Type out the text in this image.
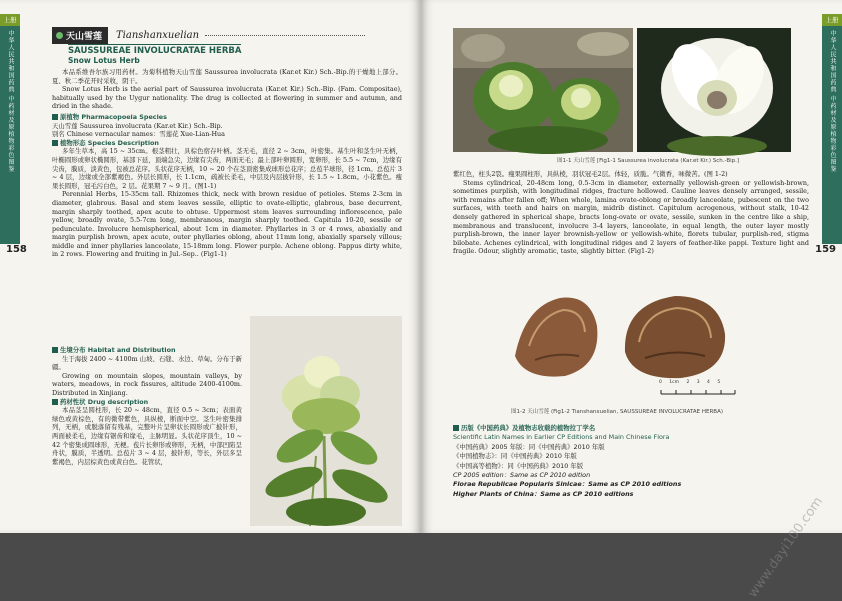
上册
中华人民共和国药典 中药材及原植物彩色图鉴
158
天山雪莲 Tianshanxuelian
SAUSSUREAE INVOLUCRATAE HERBA
Snow Lotus Herb

本品系维吾尔族习用药材。为菊科植物天山雪莲 Saussurea involucrata (Kar.et Kir.) Sch.-Bip.的干燥地上部分。夏、秋二季花开时采收，阴干。

Snow Lotus Herb is the aerial part of Saussurea involucrata (Kar.et Kir.) Sch.-Bip. (Fam. Compositae), habitually used by the Uygur nationality. The drug is collected at flowering in summer and autumn, and dried in the shade.

原植物 Pharmacopoeia Species

天山雪莲 Saussurea involucrata (Kar.et Kir.) Sch.-Bip.

别名 Chinese vernacular names：雪莲花 Xue-Lian-Hua

植物形态 Species Description

多年生草本，高 15 ~ 35cm。根茎粗壮，具棕色宿存叶柄。茎无毛，直径 2 ~ 3cm，叶密集。基生叶和茎生叶无柄，叶椭圆形或卵状椭圆形，基部下延，顶端急尖，边缘有尖齿，两面无毛；最上部叶卵圆形，宽卵形，长 5.5 ~ 7cm，边缘有尖齿，膜质，淡黄色，包被总花序。头状花序无柄，10 ~ 20 个在茎顶密集成球形总花序；总苞半球形，径 1cm。总苞片 3 ~ 4 层，边缘或全部紫褐色。外层长圆形，长 1.1cm，疏被长柔毛，中层及内层披针形，长 1.5 ~ 1.8cm。小花紫色。瘦果长圆形，冠毛污白色，2 层。花果期 7 ~ 9 月。(图1-1)

Perennial Herbs, 15-35cm tall. Rhizomes thick, neck with brown residue of petioles. Stems 2-3cm in diameter, glabrous. Basal and stem leaves sessile, elliptic to ovate-elliptic, glabrous, base decurrent, margin sharply toothed, apex acute to obtuse. Uppermost stem leaves surrounding inflorescence, pale yellow, broadly ovate, 5.5-7cm long, membranous, margin sharply toothed. Capitula 10-20, sessile or pedunculate. Involucre hemispherical, about 1cm in diameter. Phyllaries in 3 or 4 rows, abaxially and margin purplish brown, apex acute, outer phyllaries oblong, about 11mm long, abaxially sparsely villous; middle and inner phyllaries lanceolate, 15-18mm long. Flower purple. Achene oblong. Pappus dirty white, in 2 rows. Flowering and fruiting in Jul.-Sep.. (Fig1-1)

生境分布 Habitat and Distribution

生于海拔 2400 ~ 4100m 山坡、石缝、水边、草甸。分布于新疆。

Growing on mountain slopes, mountain valleys, by waters, meadows, in rock fissures, altitude 2400-4100m. Distributed in Xinjiang.

药材性状 Drug description

本品茎呈圆柱形，长 20 ~ 48cm，直径 0.5 ~ 3cm；表面黄绿色或黄棕色，有的微带紫色，具纵棱，断面中空。茎生叶密集排列，无柄，或脱落留有残基，完整叶片呈卵状长圆形或广披针形，两面被柔毛，边缘有锯齿和缘毛，主脉明显。头状花序顶生，10 ~ 42 个密集成圆球形，无梗。苞片长卵形或卵形，无柄，中部凹陷呈舟状，膜质，半透明。总苞片 3 ~ 4 层，披针形，等长，外层多呈紫褐色，内层棕黄色或黄白色。花管状，

上册
中华人民共和国药典 中药材及原植物彩色图鉴
159
图1-1 天山雪莲 [Fig1-1 Saussurea involucrata (Kar.et Kir.) Sch.-Bip.]

紫红色，柱头2裂。瘦果圆柱形，具纵棱，羽状冠毛2层。体轻，质脆。气微香，味微苦。(图 1-2)

Stems cylindrical, 20-48cm long, 0.5-3cm in diameter, externally yellowish-green or yellowish-brown, sometimes purplish, with longitudinal ridges, fracture hollowed. Cauline leaves densely arranged, sessile, with remains after fallen off; When whole, lamina ovate-oblong or broadly lanceolate, pubescent on the two surfaces, with teeth and hairs on margin, midrib distinct. Capitulum acrogenous, without stalk, 10-42 densely gathered in spherical shape, bracts long-ovate or ovate, sessile, sunken in the centre like a ship, membranous and translucent, involucre 3-4 layers, lanceolate, in equal length, the outer layer mostly purplish-brown, the inner layer brownish-yellow or yellowish-white, florets tubular, purplish-red, stigma bilobate. Achenes cylindrical, with longitudinal ridges and 2 layers of feather-like pappi. Texture light and fragile. Odour, slightly aromatic, taste, slightly bitter. (Fig1-2)

0 1cm 2 3 4 5
图1-2 天山雪莲 (Fig1-2 Tianshanxuelian, SAUSSUREAE INVOLUCRATAE HERBA)

历版《中国药典》及植物志收载的植物拉丁学名

Scientific Latin Names in Earlier CP Editions and Main Chinese Flora

《中国药典》2005 年版：同《中国药典》2010 年版

《中国植物志》：同《中国药典》2010 年版

《中国高等植物》：同《中国药典》2010 年版

CP 2005 edition：Same as CP 2010 edition

Florae Republicae Popularis Sinicae：Same as CP 2010 editions

Higher Plants of China：Same as CP 2010 editions

www.dayi100.com
